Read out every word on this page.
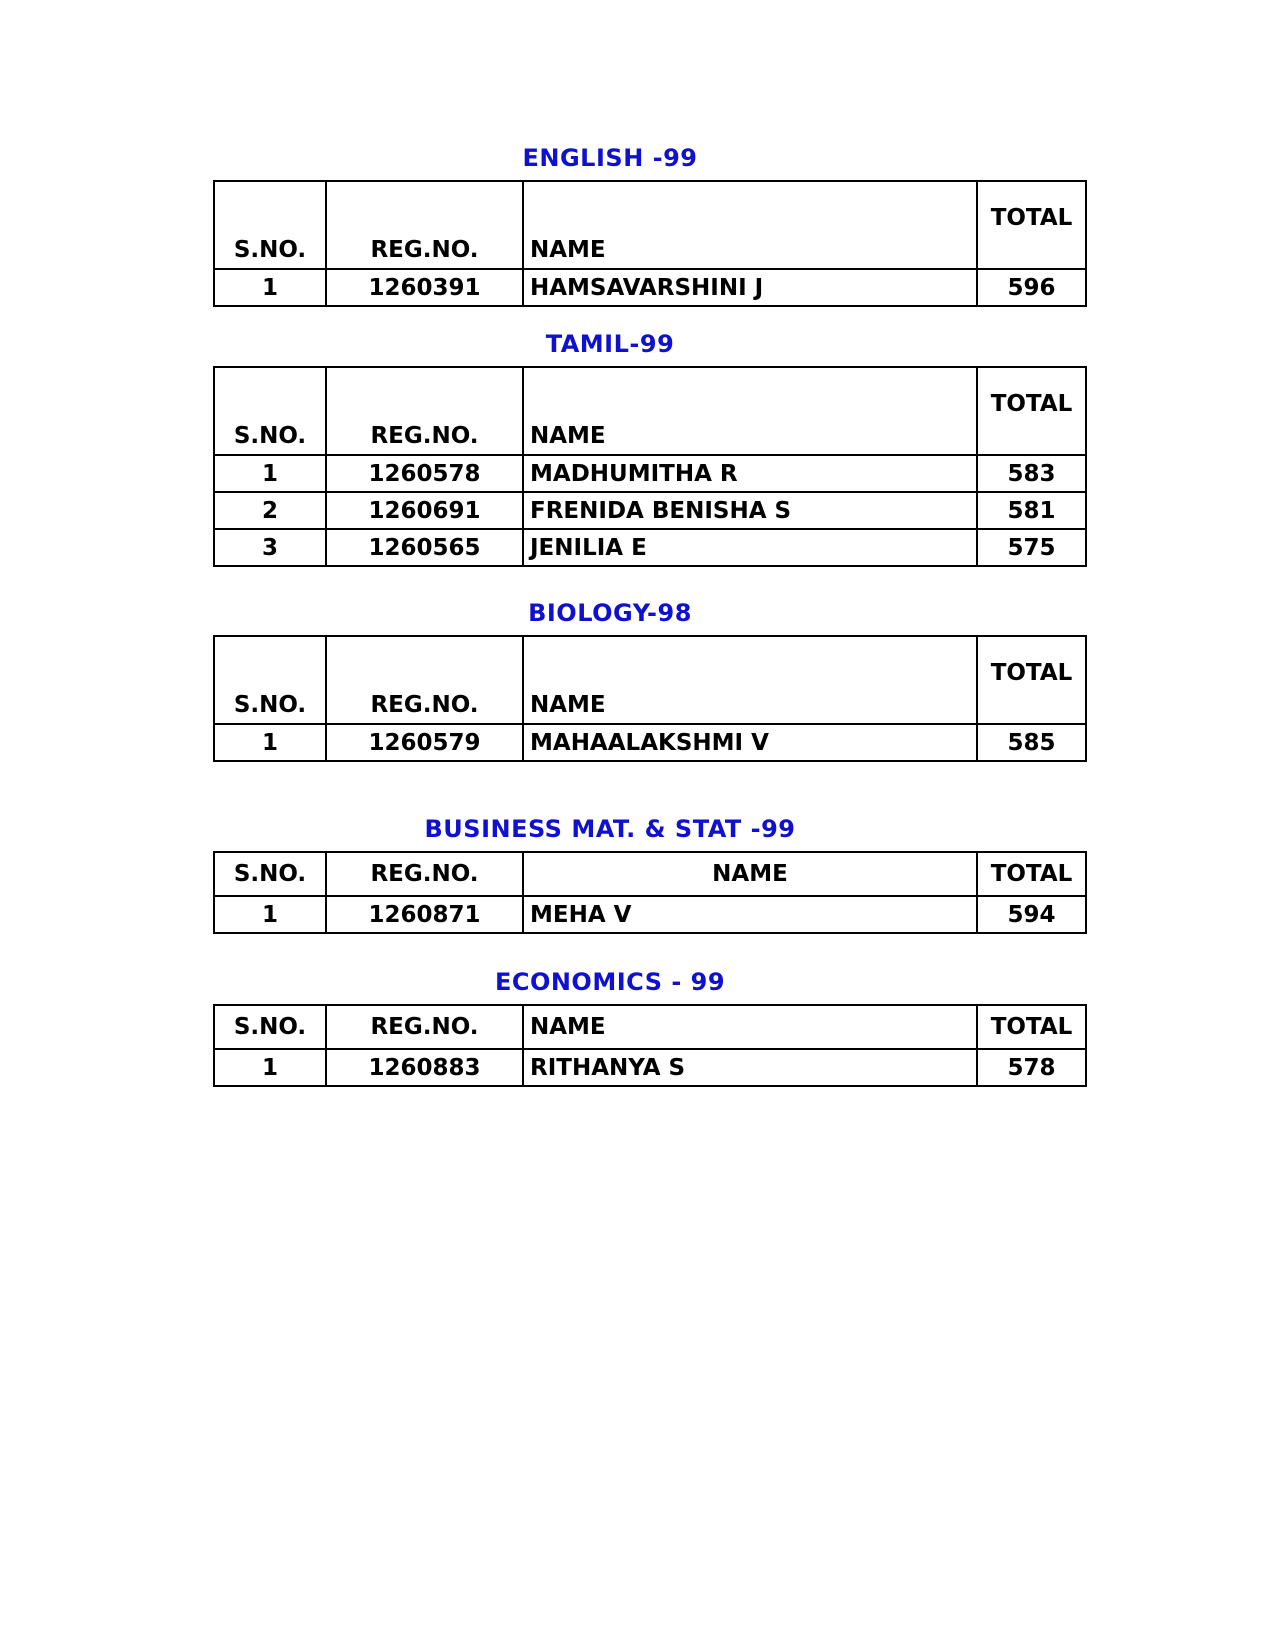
ENGLISH -99
S.NO.	REG.NO.	NAME	TOTAL
1	1260391	HAMSAVARSHINI J	596
TAMIL-99
S.NO.	REG.NO.	NAME	TOTAL
1	1260578	MADHUMITHA R	583
2	1260691	FRENIDA BENISHA S	581
3	1260565	JENILIA E	575
BIOLOGY-98
S.NO.	REG.NO.	NAME	TOTAL
1	1260579	MAHAALAKSHMI V	585
BUSINESS MAT. & STAT -99
S.NO.	REG.NO.	NAME	TOTAL
1	1260871	MEHA V	594
ECONOMICS - 99
S.NO.	REG.NO.	NAME	TOTAL
1	1260883	RITHANYA S	578
